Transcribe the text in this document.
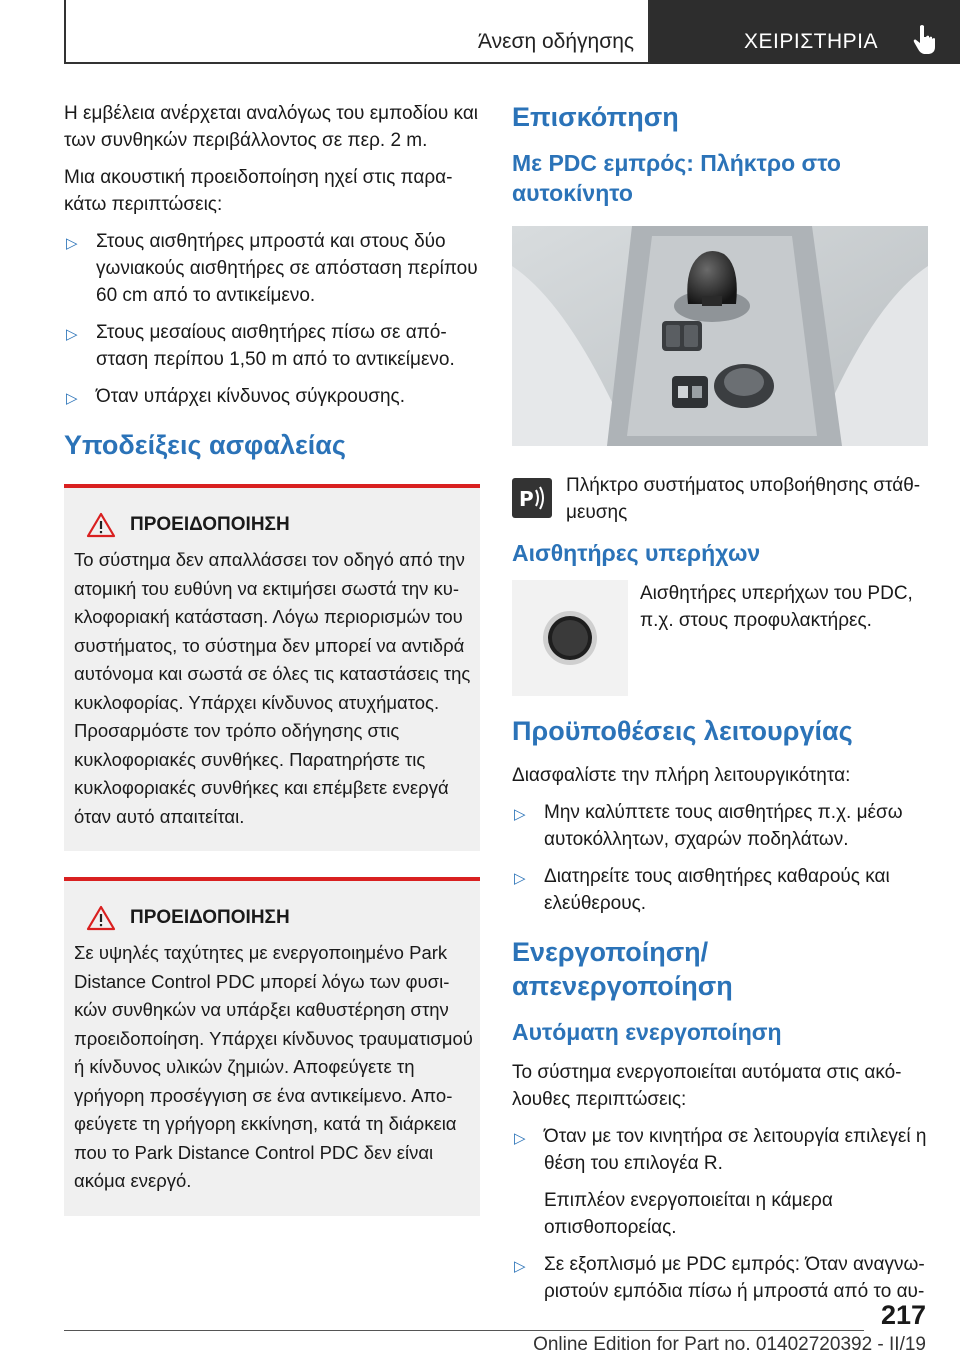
Άνεση οδήγησης	ΧΕΙΡΙΣΤΗΡΙΑ

Η εμβέλεια ανέρχεται αναλόγως του εμποδίου και των συνθηκών περιβάλλοντος σε περ. 2 m.

Μια ακουστική προειδοποίηση ηχεί στις παρακάτω περιπτώσεις:

▷ Στους αισθητήρες μπροστά και στους δύο γωνιακούς αισθητήρες σε απόσταση περίπου 60 cm από το αντικείμενο.
▷ Στους μεσαίους αισθητήρες πίσω σε απόσταση περίπου 1,50 m από το αντικείμενο.
▷ Όταν υπάρχει κίνδυνος σύγκρουσης.
Υποδείξεις ασφαλείας
ΠΡΟΕΙΔΟΠΟΙΗΣΗ

Το σύστημα δεν απαλλάσσει τον οδηγό από την ατομική του ευθύνη να εκτιμήσει σωστά την κυκλοφοριακή κατάσταση. Λόγω περιορισμών του συστήματος, το σύστημα δεν μπορεί να αντιδρά αυτόνομα και σωστά σε όλες τις καταστάσεις της κυκλοφορίας. Υπάρχει κίνδυνος ατυχήματος. Προσαρμόστε τον τρόπο οδήγησης στις κυκλοφοριακές συνθήκες. Παρατηρήστε τις κυκλοφοριακές συνθήκες και επέμβετε ενεργά όταν αυτό απαιτείται.

ΠΡΟΕΙΔΟΠΟΙΗΣΗ

Σε υψηλές ταχύτητες με ενεργοποιημένο Park Distance Control PDC μπορεί λόγω των φυσικών συνθηκών να υπάρξει καθυστέρηση στην προειδοποίηση. Υπάρχει κίνδυνος τραυματισμού ή κίνδυνος υλικών ζημιών. Αποφεύγετε τη γρήγορη προσέγγιση σε ένα αντικείμενο. Αποφεύγετε τη γρήγορη εκκίνηση, κατά τη διάρκεια που το Park Distance Control PDC δεν είναι ακόμα ενεργό.

Επισκόπηση
Με PDC εμπρός: Πλήκτρο στο αυτοκίνητο
P

Πλήκτρο συστήματος υποβοήθησης στάθμευσης

Αισθητήρες υπερήχων

Αισθητήρες υπερήχων του PDC, π.χ. στους προφυλακτήρες.

Προϋποθέσεις λειτουργίας

Διασφαλίστε την πλήρη λειτουργικότητα:

▷ Μην καλύπτετε τους αισθητήρες π.χ. μέσω αυτοκόλλητων, σχαρών ποδηλάτων.
▷ Διατηρείτε τους αισθητήρες καθαρούς και ελεύθερους.
Ενεργοποίηση/απενεργοποίηση
Αυτόματη ενεργοποίηση

Το σύστημα ενεργοποιείται αυτόματα στις ακόλουθες περιπτώσεις:

▷ Όταν με τον κινητήρα σε λειτουργία επιλεγεί η θέση του επιλογέα R.
Επιπλέον ενεργοποιείται η κάμερα οπισθοπορείας.
▷ Σε εξοπλισμό με PDC εμπρός: Όταν αναγνωριστούν εμπόδια πίσω ή μπροστά από το αυ-
217
Online Edition for Part no. 01402720392 - II/19
